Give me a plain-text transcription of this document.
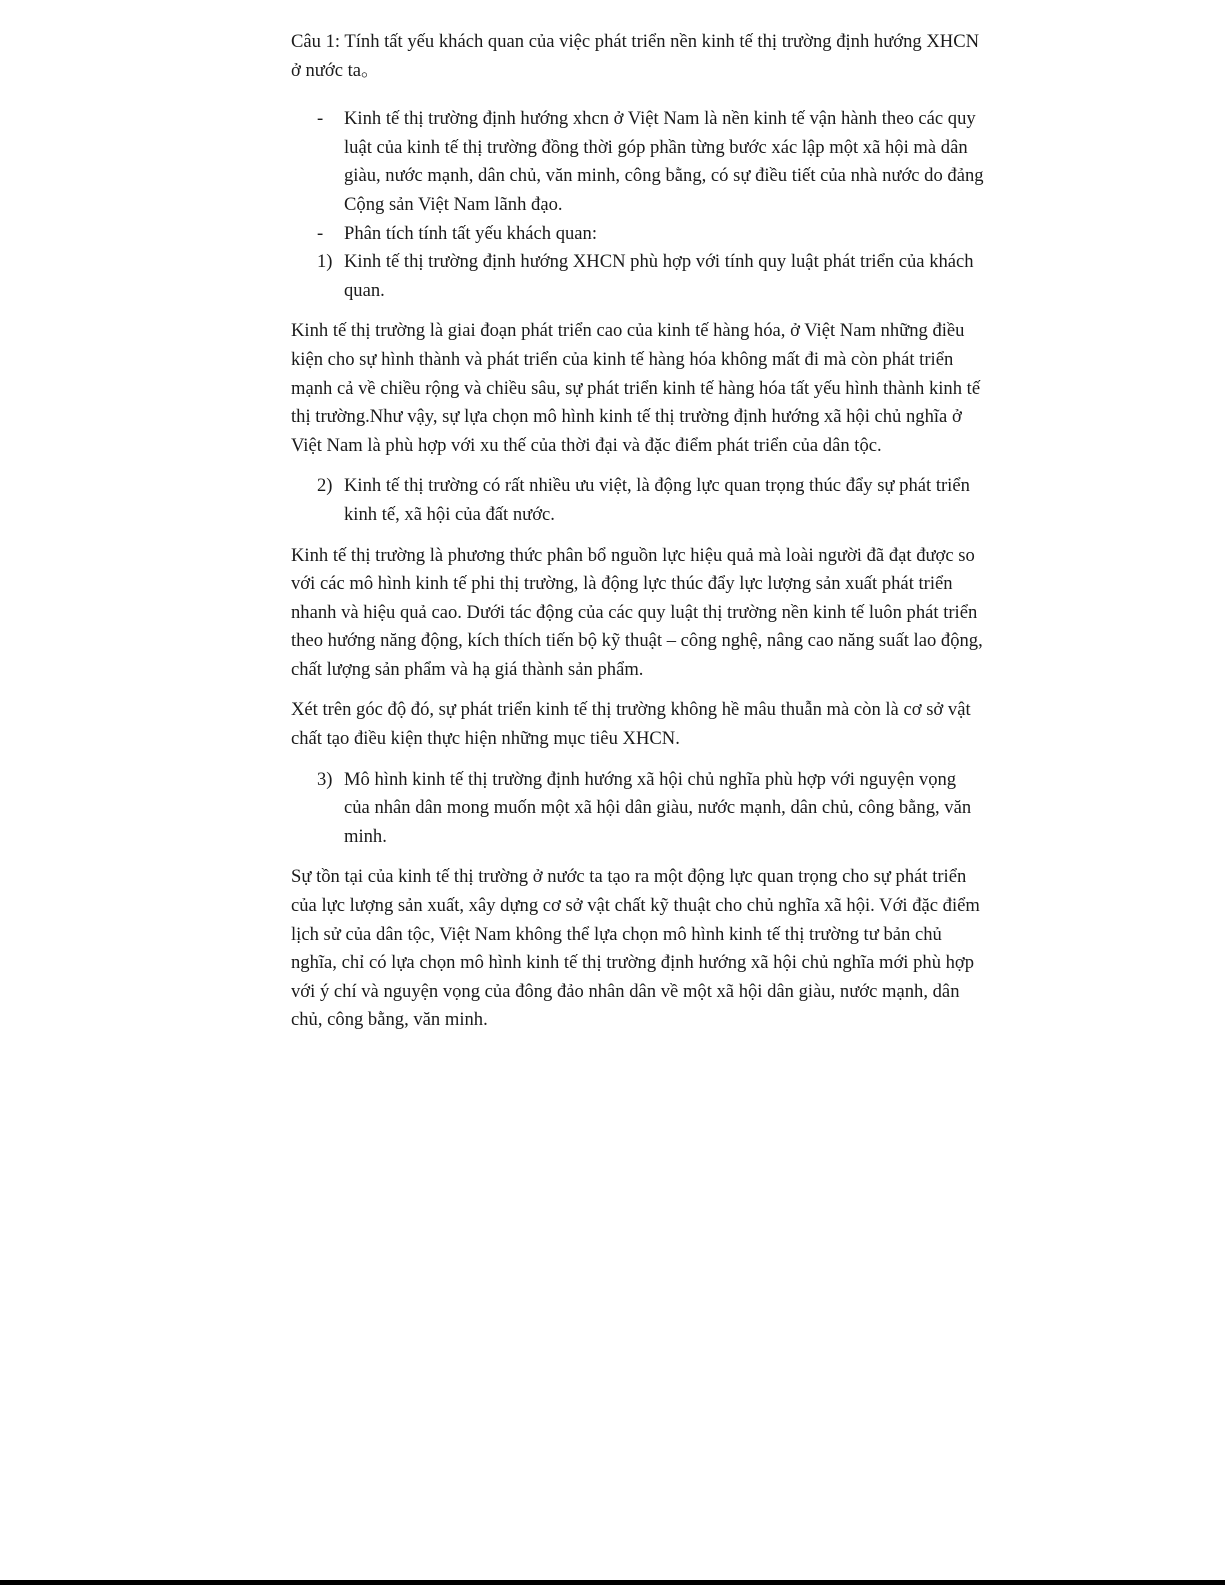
Câu 1: Tính tất yếu khách quan của việc phát triển nền kinh tế thị trường định hướng XHCN ở nước ta。

- Kinh tế thị trường định hướng xhcn ở Việt Nam là nền kinh tế vận hành theo các quy luật của kinh tế thị trường đồng thời góp phần từng bước xác lập một xã hội mà dân giàu, nước mạnh, dân chủ, văn minh, công bằng, có sự điều tiết của nhà nước do đảng Cộng sản Việt Nam lãnh đạo.
- Phân tích tính tất yếu khách quan:
1) Kinh tế thị trường định hướng XHCN phù hợp với tính quy luật phát triển của khách quan.

Kinh tế thị trường là giai đoạn phát triển cao của kinh tế hàng hóa, ở Việt Nam những điều kiện cho sự hình thành và phát triển của kinh tế hàng hóa không mất đi mà còn phát triển mạnh cả về chiều rộng và chiều sâu, sự phát triển kinh tế hàng hóa tất yếu hình thành kinh tế thị trường.Như vậy, sự lựa chọn mô hình kinh tế thị trường định hướng xã hội chủ nghĩa ở Việt Nam là phù hợp với xu thế của thời đại và đặc điểm phát triển của dân tộc.

2) Kinh tế thị trường có rất nhiều ưu việt, là động lực quan trọng thúc đẩy sự phát triển kinh tế, xã hội của đất nước.

Kinh tế thị trường là phương thức phân bổ nguồn lực hiệu quả mà loài người đã đạt được so với các mô hình kinh tế phi thị trường, là động lực thúc đẩy lực lượng sản xuất phát triển nhanh và hiệu quả cao. Dưới tác động của các quy luật thị trường nền kinh tế luôn phát triển theo hướng năng động, kích thích tiến bộ kỹ thuật – công nghệ, nâng cao năng suất lao động, chất lượng sản phẩm và hạ giá thành sản phẩm.

Xét trên góc độ đó, sự phát triển kinh tế thị trường không hề mâu thuẫn mà còn là cơ sở vật chất tạo điều kiện thực hiện những mục tiêu XHCN.

3) Mô hình kinh tế thị trường định hướng xã hội chủ nghĩa phù hợp với nguyện vọng của nhân dân mong muốn một xã hội dân giàu, nước mạnh, dân chủ, công bằng, văn minh.

Sự tồn tại của kinh tế thị trường ở nước ta tạo ra một động lực quan trọng cho sự phát triển của lực lượng sản xuất, xây dựng cơ sở vật chất kỹ thuật cho chủ nghĩa xã hội. Với đặc điểm lịch sử của dân tộc, Việt Nam không thể lựa chọn mô hình kinh tế thị trường tư bản chủ nghĩa, chỉ có lựa chọn mô hình kinh tế thị trường định hướng xã hội chủ nghĩa mới phù hợp với ý chí và nguyện vọng của đông đảo nhân dân về một xã hội dân giàu, nước mạnh, dân chủ, công bằng, văn minh.
